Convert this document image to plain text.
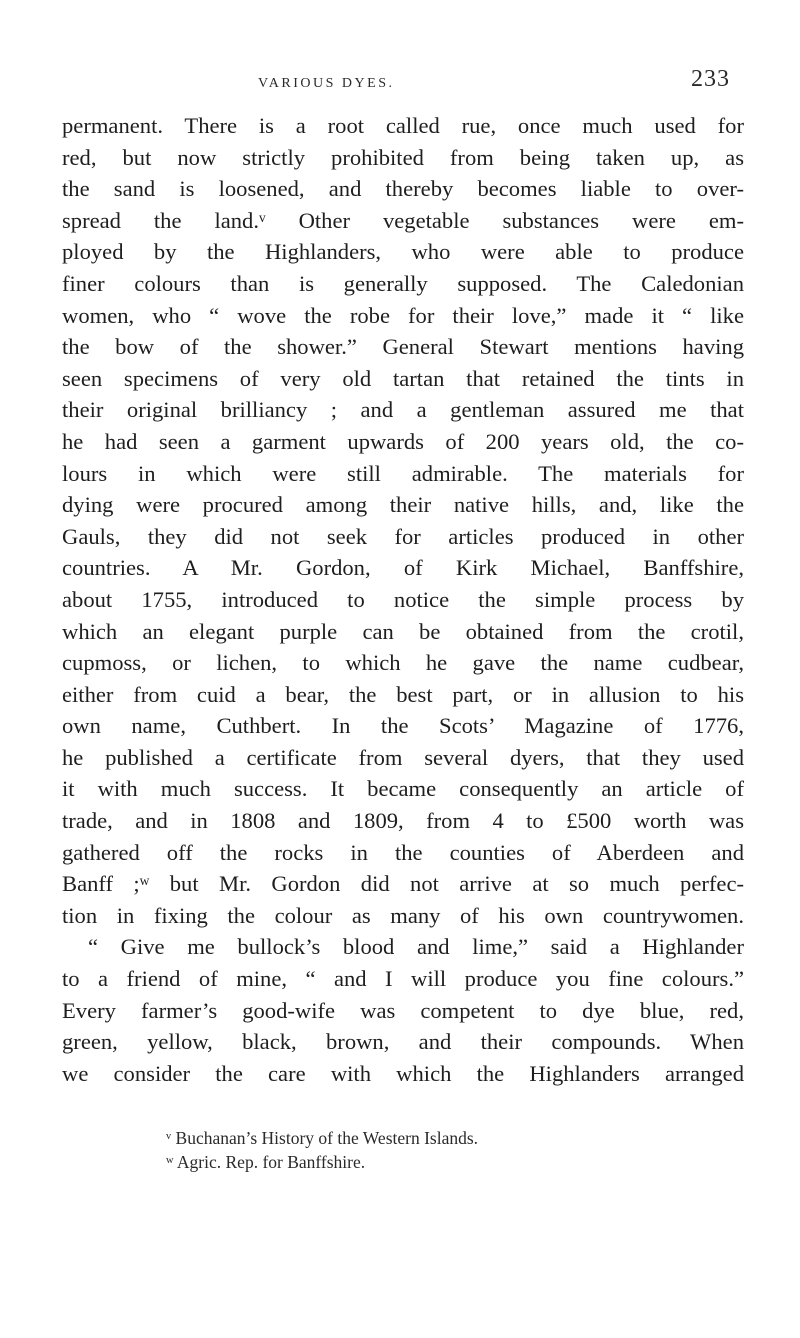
VARIOUS DYES.	233
permanent. There is a root called rue, once much used for
red, but now strictly prohibited from being taken up, as
the sand is loosened, and thereby becomes liable to over-
spread the land.ᵛ Other vegetable substances were em-
ployed by the Highlanders, who were able to produce
finer colours than is generally supposed. The Caledonian
women, who “ wove the robe for their love,” made it “ like
the bow of the shower.” General Stewart mentions having
seen specimens of very old tartan that retained the tints in
their original brilliancy ; and a gentleman assured me that
he had seen a garment upwards of 200 years old, the co-
lours in which were still admirable. The materials for
dying were procured among their native hills, and, like the
Gauls, they did not seek for articles produced in other
countries. A Mr. Gordon, of Kirk Michael, Banffshire,
about 1755, introduced to notice the simple process by
which an elegant purple can be obtained from the crotil,
cupmoss, or lichen, to which he gave the name cudbear,
either from cuid a bear, the best part, or in allusion to his
own name, Cuthbert. In the Scots’ Magazine of 1776,
he published a certificate from several dyers, that they used
it with much success. It became consequently an article of
trade, and in 1808 and 1809, from 4 to £500 worth was
gathered off the rocks in the counties of Aberdeen and
Banff ;ʷ but Mr. Gordon did not arrive at so much perfec-
tion in fixing the colour as many of his own countrywomen.
“ Give me bullock’s blood and lime,” said a Highlander
to a friend of mine, “ and I will produce you fine colours.”
Every farmer’s good-wife was competent to dye blue, red,
green, yellow, black, brown, and their compounds. When
we consider the care with which the Highlanders arranged
ᵛ Buchanan’s History of the Western Islands.
ʷ Agric. Rep. for Banffshire.
